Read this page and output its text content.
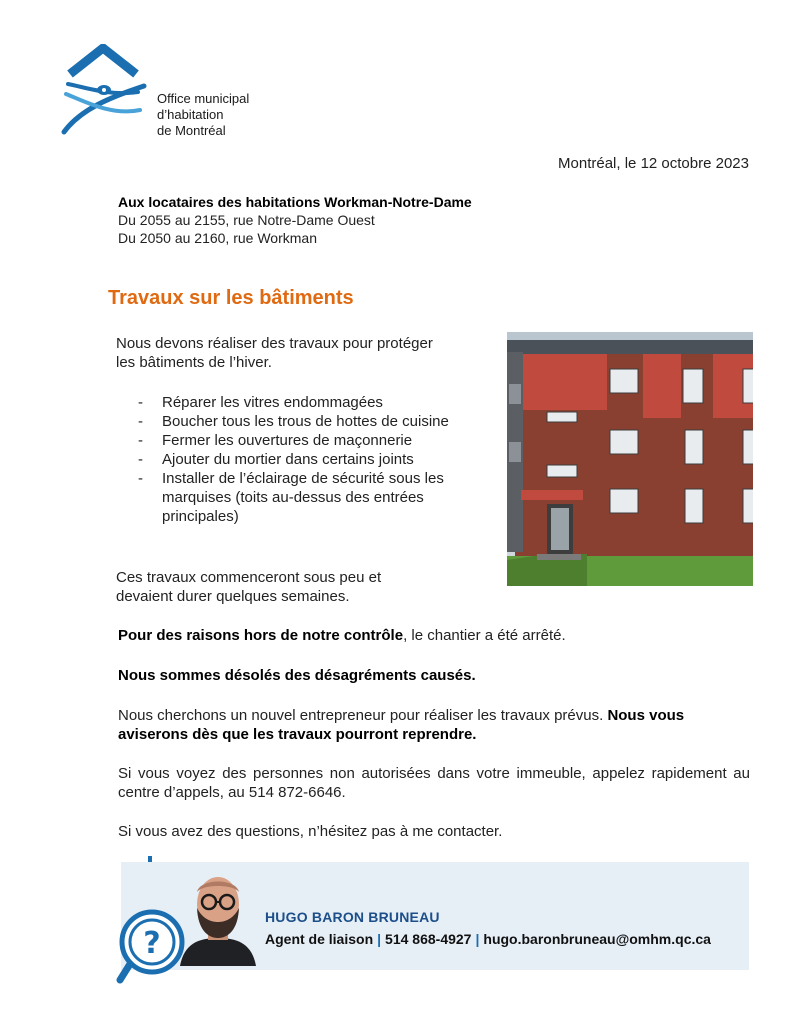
Office municipal
d’habitation
de Montréal
Montréal, le 12 octobre 2023
Aux locataires des habitations Workman-Notre-Dame
Du 2055 au 2155, rue Notre-Dame Ouest
Du 2050 au 2160, rue Workman
Travaux sur les bâtiments
Nous devons réaliser des travaux pour protéger les bâtiments de l’hiver.
- Réparer les vitres endommagées
- Boucher tous les trous de hottes de cuisine
- Fermer les ouvertures de maçonnerie
- Ajouter du mortier dans certains joints
- Installer de l’éclairage de sécurité sous les marquises (toits au-dessus des entrées principales)
Ces travaux commenceront sous peu et devaient durer quelques semaines.
Pour des raisons hors de notre contrôle, le chantier a été arrêté.
Nous sommes désolés des désagréments causés.
Nous cherchons un nouvel entrepreneur pour réaliser les travaux prévus. Nous vous aviserons dès que les travaux pourront reprendre.
Si vous voyez des personnes non autorisées dans votre immeuble, appelez rapidement au centre d’appels, au 514 872-6646.
Si vous avez des questions, n’hésitez pas à me contacter.
?
HUGO BARON BRUNEAU
Agent de liaison | 514 868-4927 | hugo.baronbruneau@omhm.qc.ca
